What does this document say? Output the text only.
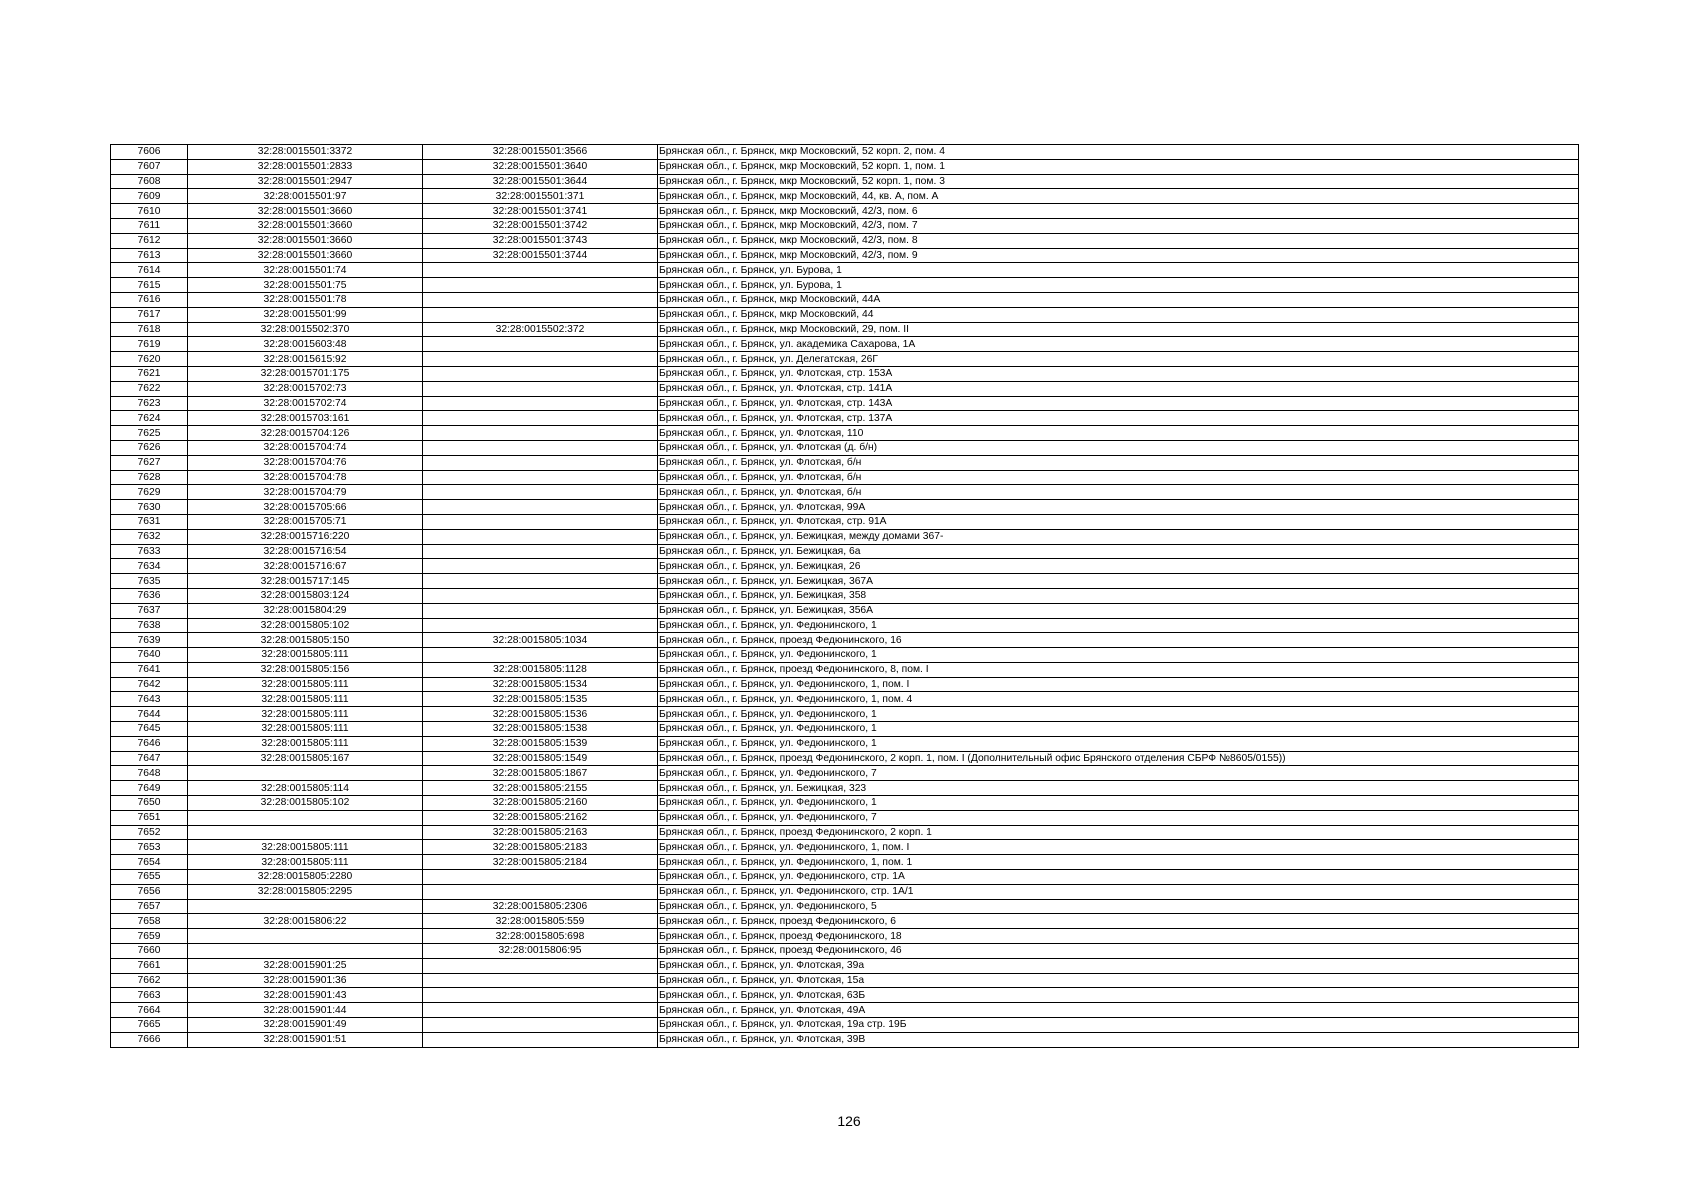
7606	32:28:0015501:3372	32:28:0015501:3566	Брянская обл., г. Брянск, мкр Московский, 52 корп. 2, пом. 4
7607	32:28:0015501:2833	32:28:0015501:3640	Брянская обл., г. Брянск, мкр Московский, 52 корп. 1, пом. 1
7608	32:28:0015501:2947	32:28:0015501:3644	Брянская обл., г. Брянск, мкр Московский, 52 корп. 1, пом. 3
7609	32:28:0015501:97	32:28:0015501:371	Брянская обл., г. Брянск, мкр Московский, 44, кв. А, пом. А
7610	32:28:0015501:3660	32:28:0015501:3741	Брянская обл., г. Брянск, мкр Московский, 42/3, пом. 6
7611	32:28:0015501:3660	32:28:0015501:3742	Брянская обл., г. Брянск, мкр Московский, 42/3, пом. 7
7612	32:28:0015501:3660	32:28:0015501:3743	Брянская обл., г. Брянск, мкр Московский, 42/3, пом. 8
7613	32:28:0015501:3660	32:28:0015501:3744	Брянская обл., г. Брянск, мкр Московский, 42/3, пом. 9
7614	32:28:0015501:74		Брянская обл., г. Брянск, ул. Бурова, 1
7615	32:28:0015501:75		Брянская обл., г. Брянск, ул. Бурова, 1
7616	32:28:0015501:78		Брянская обл., г. Брянск, мкр Московский, 44А
7617	32:28:0015501:99		Брянская обл., г. Брянск, мкр Московский, 44
7618	32:28:0015502:370	32:28:0015502:372	Брянская обл., г. Брянск, мкр Московский, 29, пом. II
7619	32:28:0015603:48		Брянская обл., г. Брянск, ул. академика Сахарова, 1А
7620	32:28:0015615:92		Брянская обл., г. Брянск, ул. Делегатская, 26Г
7621	32:28:0015701:175		Брянская обл., г. Брянск, ул. Флотская, стр. 153А
7622	32:28:0015702:73		Брянская обл., г. Брянск, ул. Флотская, стр. 141А
7623	32:28:0015702:74		Брянская обл., г. Брянск, ул. Флотская, стр. 143А
7624	32:28:0015703:161		Брянская обл., г. Брянск, ул. Флотская, стр. 137А
7625	32:28:0015704:126		Брянская обл., г. Брянск, ул. Флотская, 110
7626	32:28:0015704:74		Брянская обл., г. Брянск, ул. Флотская (д. б/н)
7627	32:28:0015704:76		Брянская обл., г. Брянск, ул. Флотская, б/н
7628	32:28:0015704:78		Брянская обл., г. Брянск, ул. Флотская, б/н
7629	32:28:0015704:79		Брянская обл., г. Брянск, ул. Флотская, б/н
7630	32:28:0015705:66		Брянская обл., г. Брянск, ул. Флотская, 99А
7631	32:28:0015705:71		Брянская обл., г. Брянск, ул. Флотская, стр. 91А
7632	32:28:0015716:220		Брянская обл., г. Брянск, ул. Бежицкая, между домами 367-
7633	32:28:0015716:54		Брянская обл., г. Брянск, ул. Бежицкая, 6а
7634	32:28:0015716:67		Брянская обл., г. Брянск, ул. Бежицкая, 26
7635	32:28:0015717:145		Брянская обл., г. Брянск, ул. Бежицкая, 367А
7636	32:28:0015803:124		Брянская обл., г. Брянск, ул. Бежицкая, 358
7637	32:28:0015804:29		Брянская обл., г. Брянск, ул. Бежицкая, 356А
7638	32:28:0015805:102		Брянская обл., г. Брянск, ул. Федюнинского, 1
7639	32:28:0015805:150	32:28:0015805:1034	Брянская обл., г. Брянск, проезд Федюнинского, 16
7640	32:28:0015805:111		Брянская обл., г. Брянск, ул. Федюнинского, 1
7641	32:28:0015805:156	32:28:0015805:1128	Брянская обл., г. Брянск, проезд Федюнинского, 8, пом. I
7642	32:28:0015805:111	32:28:0015805:1534	Брянская обл., г. Брянск, ул. Федюнинского, 1, пом. I
7643	32:28:0015805:111	32:28:0015805:1535	Брянская обл., г. Брянск, ул. Федюнинского, 1, пом. 4
7644	32:28:0015805:111	32:28:0015805:1536	Брянская обл., г. Брянск, ул. Федюнинского, 1
7645	32:28:0015805:111	32:28:0015805:1538	Брянская обл., г. Брянск, ул. Федюнинского, 1
7646	32:28:0015805:111	32:28:0015805:1539	Брянская обл., г. Брянск, ул. Федюнинского, 1
7647	32:28:0015805:167	32:28:0015805:1549	Брянская обл., г. Брянск, проезд Федюнинского, 2 корп. 1, пом. I (Дополнительный офис Брянского отделения СБРФ №8605/0155))
7648		32:28:0015805:1867	Брянская обл., г. Брянск, ул. Федюнинского, 7
7649	32:28:0015805:114	32:28:0015805:2155	Брянская обл., г. Брянск, ул. Бежицкая, 323
7650	32:28:0015805:102	32:28:0015805:2160	Брянская обл., г. Брянск, ул. Федюнинского, 1
7651		32:28:0015805:2162	Брянская обл., г. Брянск, ул. Федюнинского, 7
7652		32:28:0015805:2163	Брянская обл., г. Брянск, проезд Федюнинского, 2 корп. 1
7653	32:28:0015805:111	32:28:0015805:2183	Брянская обл., г. Брянск, ул. Федюнинского, 1, пом. I
7654	32:28:0015805:111	32:28:0015805:2184	Брянская обл., г. Брянск, ул. Федюнинского, 1, пом. 1
7655	32:28:0015805:2280		Брянская обл., г. Брянск, ул. Федюнинского, стр. 1А
7656	32:28:0015805:2295		Брянская обл., г. Брянск, ул. Федюнинского, стр. 1А/1
7657		32:28:0015805:2306	Брянская обл., г. Брянск, ул. Федюнинского, 5
7658	32:28:0015806:22	32:28:0015805:559	Брянская обл., г. Брянск, проезд Федюнинского, 6
7659		32:28:0015805:698	Брянская обл., г. Брянск, проезд Федюнинского, 18
7660		32:28:0015806:95	Брянская обл., г. Брянск, проезд Федюнинского, 46
7661	32:28:0015901:25		Брянская обл., г. Брянск, ул. Флотская, 39а
7662	32:28:0015901:36		Брянская обл., г. Брянск, ул. Флотская, 15а
7663	32:28:0015901:43		Брянская обл., г. Брянск, ул. Флотская, 63Б
7664	32:28:0015901:44		Брянская обл., г. Брянск, ул. Флотская, 49А
7665	32:28:0015901:49		Брянская обл., г. Брянск, ул. Флотская, 19а стр. 19Б
7666	32:28:0015901:51		Брянская обл., г. Брянск, ул. Флотская, 39В
126
